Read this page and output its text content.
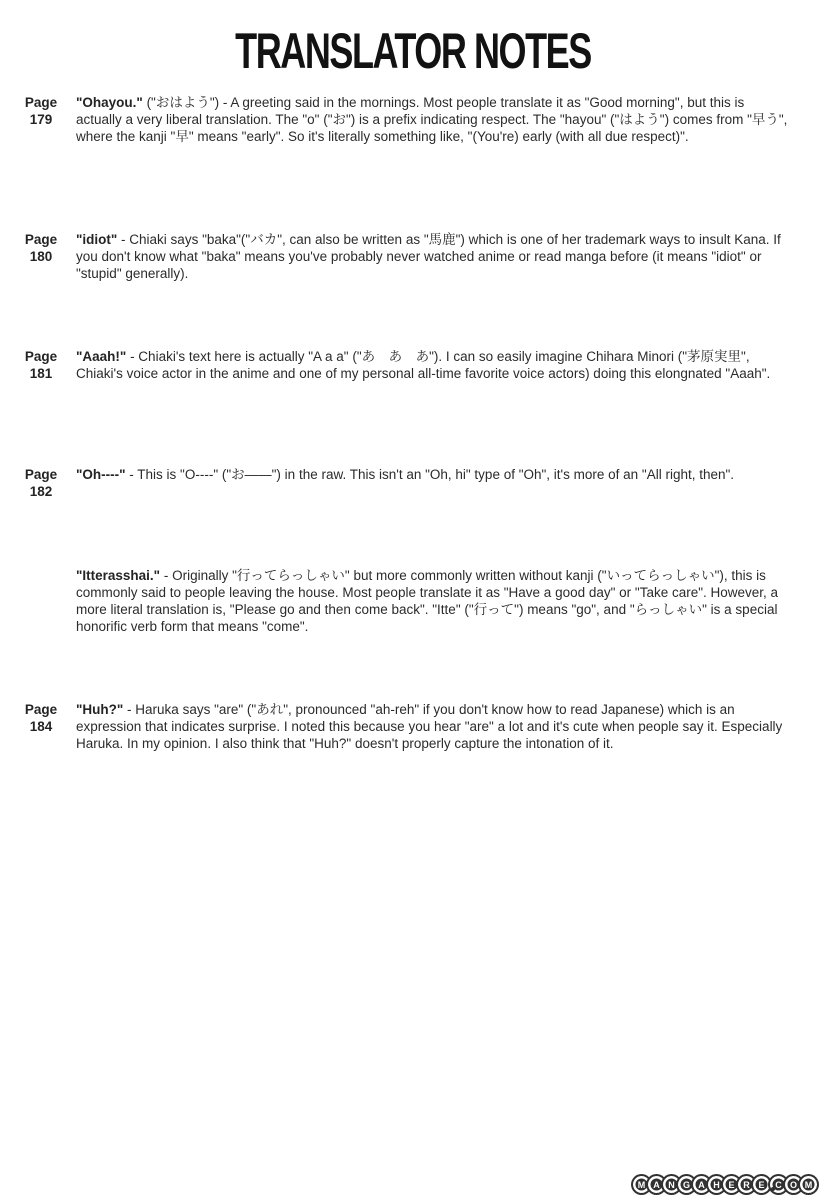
TRANSLATOR NOTES
Page
179
"Ohayou." ("おはよう") - A greeting said in the mornings. Most people translate it as "Good morning", but this is actually a very liberal translation. The "o" ("お") is a prefix indicating respect. The "hayou" ("はよう") comes from "早う", where the kanji "早" means "early". So it's literally something like, "(You're) early (with all due respect)".
Page
180
"idiot" - Chiaki says "baka"("バカ", can also be written as "馬鹿") which is one of her trademark ways to insult Kana. If you don't know what "baka" means you've probably never watched anime or read manga before (it means "idiot" or "stupid" generally).
Page
181
"Aaah!" - Chiaki's text here is actually "A a a" ("あ　あ　あ"). I can so easily imagine Chihara Minori ("茅原実里", Chiaki's voice actor in the anime and one of my personal all-time favorite voice actors) doing this elongnated "Aaah".
Page
182
"Oh----" - This is "O----" ("お――") in the raw. This isn't an "Oh, hi" type of "Oh", it's more of an "All right, then".
"Itterasshai." - Originally "行ってらっしゃい" but more commonly written without kanji ("いってらっしゃい"), this is commonly said to people leaving the house. Most people translate it as "Have a good day" or "Take care". However, a more literal translation is, "Please go and then come back". "Itte" ("行って") means "go", and "らっしゃい" is a special honorific verb form that means "come".
Page
184
"Huh?" - Haruka says "are" ("あれ", pronounced "ah-reh" if you don't know how to read Japanese) which is an expression that indicates surprise. I noted this because you hear "are" a lot and it's cute when people say it. Especially Haruka. In my opinion. I also think that "Huh?" doesn't properly capture the intonation of it.
M A N G A H E R E	C O M
